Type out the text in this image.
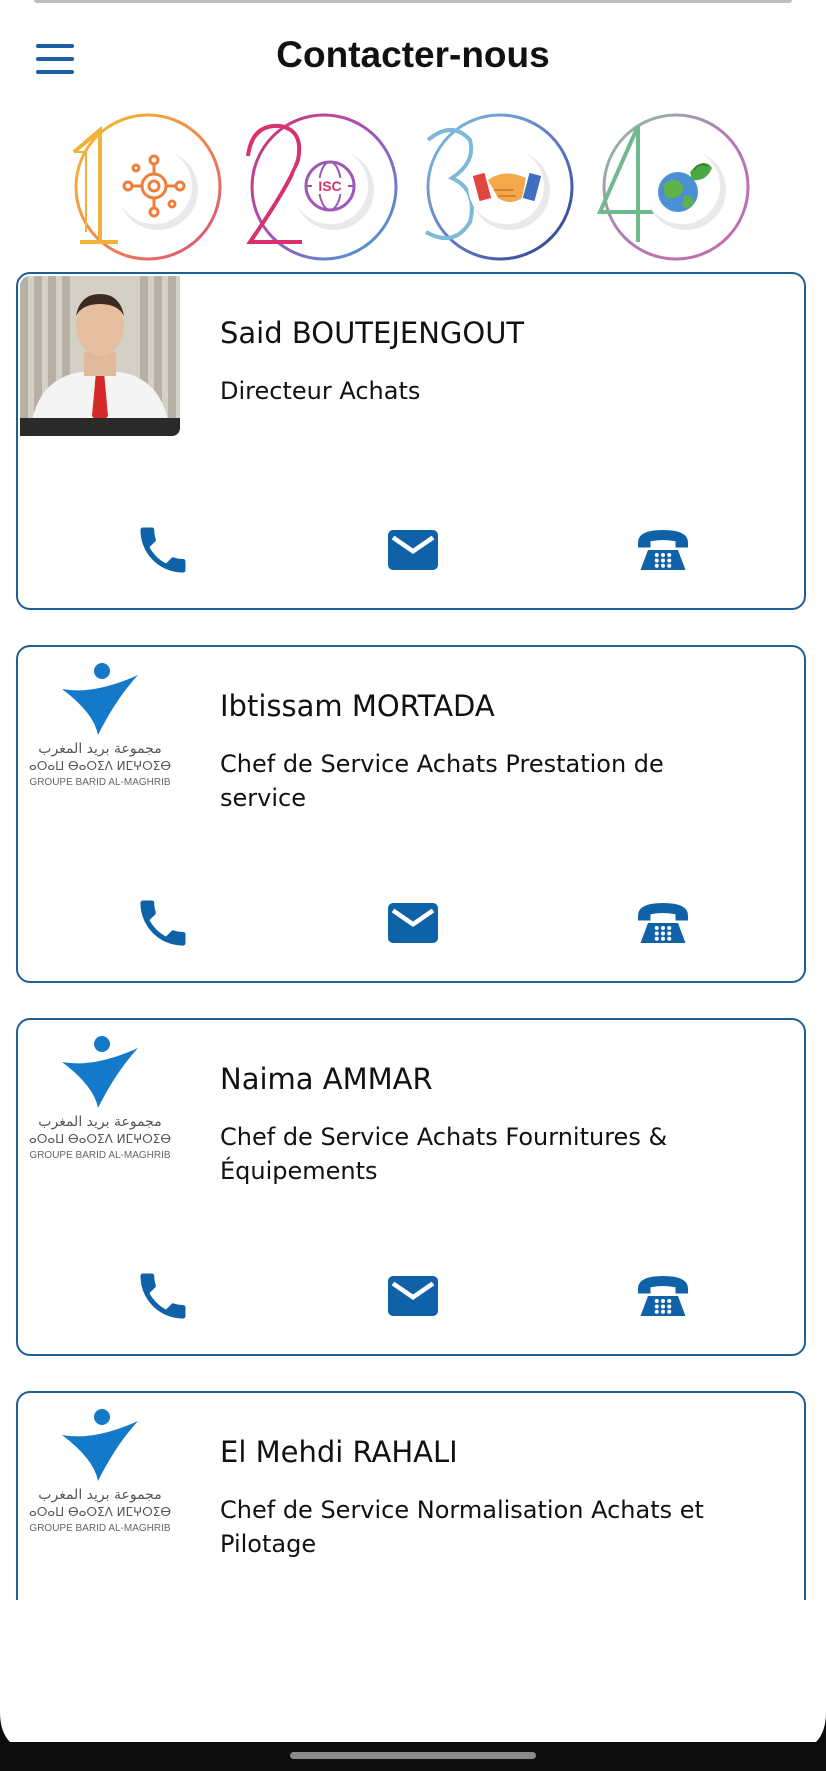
Contacter-nous
ISC
Said BOUTEJENGOUT
Directeur Achats
مجموعة بريد المغرب
ⴰⵔⴰⵡ ⴱⴰⵔⵉⴷ ⵍⵎⵖⵔⵉⴱ
GROUPE BARID AL-MAGHRIB
Ibtissam MORTADA
Chef de Service Achats Prestation de service
مجموعة بريد المغرب
ⴰⵔⴰⵡ ⴱⴰⵔⵉⴷ ⵍⵎⵖⵔⵉⴱ
GROUPE BARID AL-MAGHRIB
Naima AMMAR
Chef de Service Achats Fournitures & Équipements
مجموعة بريد المغرب
ⴰⵔⴰⵡ ⴱⴰⵔⵉⴷ ⵍⵎⵖⵔⵉⴱ
GROUPE BARID AL-MAGHRIB
El Mehdi RAHALI
Chef de Service Normalisation Achats et Pilotage
